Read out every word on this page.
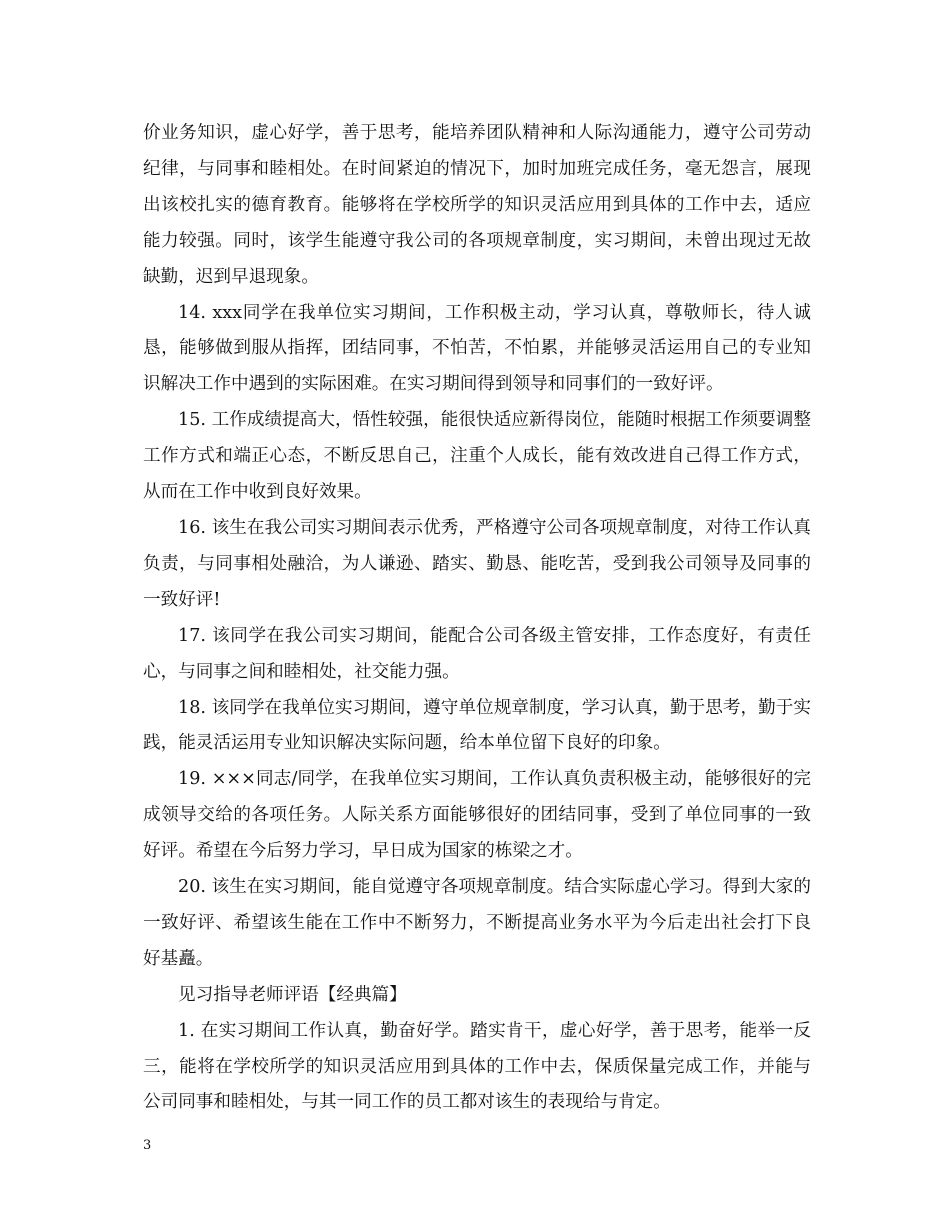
价业务知识，虚心好学，善于思考，能培养团队精神和人际沟通能力，遵守公司劳动纪律，与同事和睦相处。在时间紧迫的情况下，加时加班完成任务，毫无怨言，展现出该校扎实的德育教育。能够将在学校所学的知识灵活应用到具体的工作中去，适应能力较强。同时，该学生能遵守我公司的各项规章制度，实习期间，未曾出现过无故缺勤，迟到早退现象。

14. xxx同学在我单位实习期间，工作积极主动，学习认真，尊敬师长，待人诚恳，能够做到服从指挥，团结同事，不怕苦，不怕累，并能够灵活运用自己的专业知识解决工作中遇到的实际困难。在实习期间得到领导和同事们的一致好评。

15. 工作成绩提高大，悟性较强，能很快适应新得岗位，能随时根据工作须要调整工作方式和端正心态，不断反思自己，注重个人成长，能有效改进自己得工作方式，从而在工作中收到良好效果。

16. 该生在我公司实习期间表示优秀，严格遵守公司各项规章制度，对待工作认真负责，与同事相处融洽，为人谦逊、踏实、勤恳、能吃苦，受到我公司领导及同事的一致好评!

17. 该同学在我公司实习期间，能配合公司各级主管安排，工作态度好，有责任心，与同事之间和睦相处，社交能力强。

18. 该同学在我单位实习期间，遵守单位规章制度，学习认真，勤于思考，勤于实践，能灵活运用专业知识解决实际问题，给本单位留下良好的印象。

19. ×××同志/同学，在我单位实习期间，工作认真负责积极主动，能够很好的完成领导交给的各项任务。人际关系方面能够很好的团结同事，受到了单位同事的一致好评。希望在今后努力学习，早日成为国家的栋梁之才。

20. 该生在实习期间，能自觉遵守各项规章制度。结合实际虚心学习。得到大家的一致好评、希望该生能在工作中不断努力，不断提高业务水平为今后走出社会打下良好基矗。

见习指导老师评语【经典篇】

1. 在实习期间工作认真，勤奋好学。踏实肯干，虚心好学，善于思考，能举一反三，能将在学校所学的知识灵活应用到具体的工作中去，保质保量完成工作，并能与公司同事和睦相处，与其一同工作的员工都对该生的表现给与肯定。

3
